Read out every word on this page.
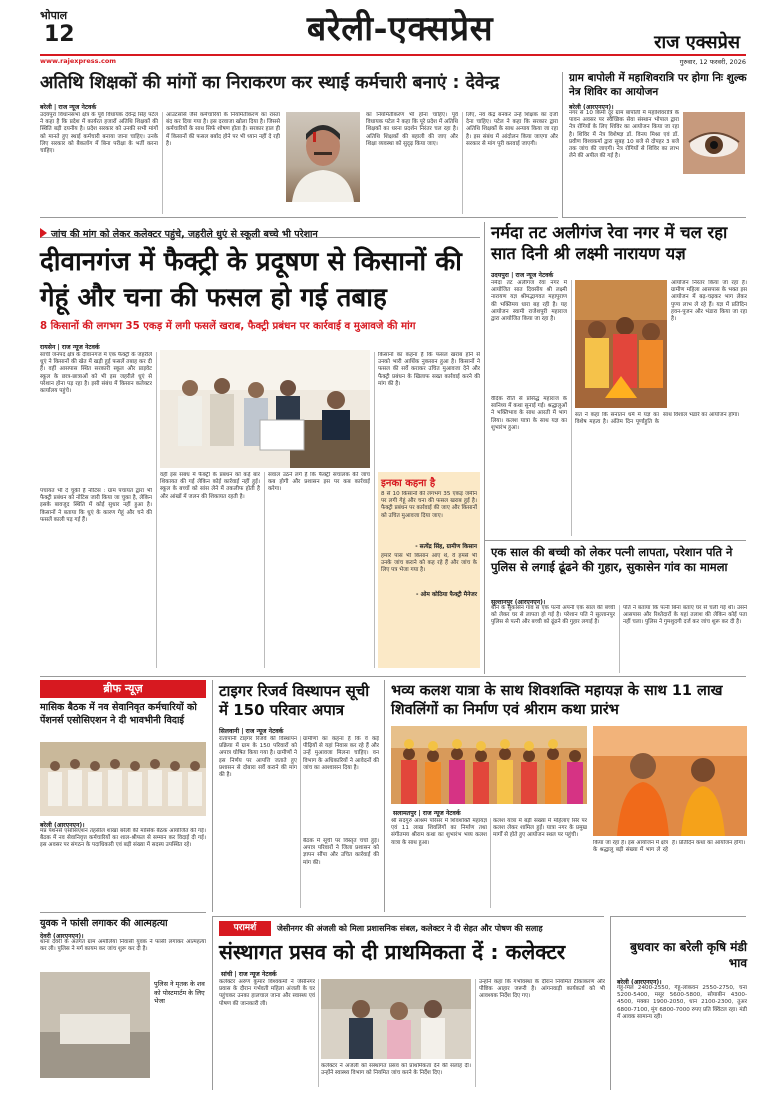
भोपाल
12	बरेली-एक्सप्रेस	राज एक्सप्रेस
www.rajexpress.com	गुरुवार, 12 फरवरी, 2026
अतिथि शिक्षकों की मांगों का निराकरण कर स्थाई कर्मचारी बनाएं : देवेन्द्र
बरेली | राज न्यूज नेटवर्क
उदयपुरा विधानसभा क्षेत्र के पूर्व विधायक देवेन्द्र सिंह पटेल ने कहा है कि प्रदेश में कार्यरत हजारों अतिथि शिक्षकों की स्थिति बड़ी दयनीय है। प्रदेश सरकार को उनकी सभी मांगों को मानते हुए स्थाई कर्मचारी बनाया जाना चाहिए। उनके लिए सरकार को बैकलॉग में बिना परीक्षा के भर्ती करना चाहिए।
आउटसोर्स जैसे कर्मचारियों के नियमितीकरण का रास्ता बंद कर दिया गया है। इस दरवाजा खोला दिया है। जिससे कर्मचारियों के साथ सिर्फ शोषण होता है। सरकार हाल ही में किसानों की फसल बर्बाद होने पर भी ध्यान नहीं दे रही है।
का नियमितीकरण भी होना चाहिए। पूर्व विधायक पटेल ने कहा कि पूरे प्रदेश में अतिथि शिक्षकों का धरना प्रदर्शन निरंतर चल रहा है। अतिथि शिक्षकों की बहाली की जाए और शिक्षा व्यवस्था को सुदृढ़ किया जाए।
लिए, नव केंद्र बनकर उन्हें शिक्षक का दर्जा देना चाहिए। पटेल ने कहा कि सरकार द्वारा अतिथि शिक्षकों के साथ अन्याय किया जा रहा है। इस संबंध में आंदोलन किया जाएगा और सरकार से मांग पूरी करवाई जाएगी।
ग्राम बापोली में महाशिवरात्रि पर होगा निः शुल्क नेत्र शिविर का आयोजन
बरेली (आरएनएन)।
नगर से 10 किमी दूर ग्राम बापोली में महाशिवरात्रि के पावन अवसर पर स्वैच्छिक सेवा संस्थान भोपाल द्वारा नेत्र रोगियों के लिए शिविर का आयोजन किया जा रहा है। शिविर में नेत्र विशेषज्ञ डॉ. विनय मिश्रा एवं डॉ. प्रवीण विश्वकर्मा द्वारा सुबह 10 बजे से दोपहर 3 बजे तक जांच की जाएगी। नेत्र रोगियों से शिविर का लाभ लेने की अपील की गई है।
जांच की मांग को लेकर कलेक्टर पहुंचे, जहरीले धुएं से स्कूली बच्चे भी परेशान
दीवानगंज में फैक्ट्री के प्रदूषण से किसानों की गेहूं और चना की फसल हो गई तबाह
8 किसानों की लगभग 35 एकड़ में लगी फसलें खराब, फैक्ट्री प्रबंधन पर कार्रवाई व मुआवजे की मांग
रायसेन | राज न्यूज नेटवर्क
सांची जनपद क्षेत्र के दीवानगंज में एक फैक्ट्री के जहरीले धुएं ने किसानों की खेत में खड़ी हुई फसलें तबाह कर दी हैं। वहीं आसपास स्थित सरकारी स्कूल और प्राइवेट स्कूल के छात्र-छात्राओं को भी इस जहरीले धुएं से परेशान होना पड़ रहा है। इसी संबंध में किसान कलेक्टर कार्यालय पहुंचे।
पंचायत भी दे चुकी है नोटिस : ग्राम पंचायत द्वारा भी फैक्ट्री प्रबंधन को नोटिस जारी किया जा चुका है, लेकिन इसके बावजूद स्थिति में कोई सुधार नहीं हुआ है। किसानों ने बताया कि धुएं के कारण गेहूं और चने की फसलें काली पड़ गई हैं।
वहीं इस संबंध में फैक्ट्री के प्रबंधन को कई बार शिकायत की गई लेकिन कोई कार्रवाई नहीं हुई। स्कूल के बच्चों को सांस लेने में तकलीफ होती है और आंखों में जलन की शिकायत रहती है।
सवाल उठने लगे हैं कि फैक्ट्री संचालक की जांच कब होगी और प्रशासन इस पर कब कार्रवाई करेगा।
किसानों का कहना है कि फसल खराब होने से उनको भारी आर्थिक नुकसान हुआ है। किसानों ने फसल की सर्वे कराकर उचित मुआवजा देने और फैक्ट्री प्रबंधन के खिलाफ सख्त कार्रवाई करने की मांग की है।
इनका कहना है
8 से 10 किसानों की लगभग 35 एकड़ जमीन पर लगी गेहूं और चना की फसल खराब हुई है। फैक्ट्री प्रबंधन पर कार्रवाई की जाए और किसानों को उचित मुआवजा दिया जाए।
- सत्येंद्र सिंह, ग्रामीण किसान
हमारे पास भी किसान आए थे, वे हमसे भी उनके जांच कराने को कह रहे हैं और जांच के लिए पत्र भेजा गया है।
- ओम कोठिया फैक्ट्री मैनेजर
नर्मदा तट अलीगंज रेवा नगर में चल रहा सात दिनी श्री लक्ष्मी नारायण यज्ञ
उदयपुरा | राज न्यूज नेटवर्क
नर्मदा तट अलीगंज रेवा नगर में आयोजित सात दिवसीय श्री लक्ष्मी नारायण यज्ञ श्रीमद्भागवत महापुराण की भक्तिमय धारा बह रही है। यह आयोजन स्वामी राजेशपुरी महाराज द्वारा आयोजित किया जा रहा है।
वैदिक रीति से प्रसिद्ध महाराज के सानिध्य में कथा सुनाई गई। श्रद्धालुओं ने भक्तिभाव के साथ आरती में भाग लिया। कलश यात्रा के साथ यज्ञ का शुभारंभ हुआ।
आयोजन निरंतर किया जा रहा है। ग्रामीण महिला आसपास के भक्त इस आयोजन में बढ़-चढ़कर भाग लेकर पुण्य लाभ ले रहे हैं। यज्ञ में प्रतिदिन हवन-पूजन और भंडारा किया जा रहा है।
संत ने कहा कि सनातन धर्म में यज्ञ का विशेष महत्व है। अंतिम दिन पूर्णाहुति के साथ विशाल भंडारे का आयोजन होगा।
एक साल की बच्ची को लेकर पत्नी लापता, परेशान पति ने पुलिस से लगाई ढूंढने की गुहार, सुकासेन गांव का मामला
सुल्तानपुर (आरएनएन)।
थाने के सुकासेन गांव से एक पत्नी अपनी एक साल की बच्ची को लेकर घर से लापता हो गई है। परेशान पति ने सुल्तानपुर पुलिस से पत्नी और बच्ची को ढूंढने की गुहार लगाई है।
पति ने बताया कि पत्नी बिना बताए घर से चली गई थी। उसने आसपास और रिश्तेदारों के यहां तलाश की लेकिन कोई पता नहीं चला। पुलिस ने गुमशुदगी दर्ज कर जांच शुरू कर दी है।
ब्रीफ न्यूज़
मासिक बैठक में नव सेवानिवृत कर्मचारियों को पेंशनर्स एसोसिएशन ने दी भावभीनी विदाई
बरेली (आरएनएन)।
मप्र पेंशनर्स एसोसिएशन तहसील शाखा बरेली की मासिक बैठक आयोजित की गई। बैठक में नव सेवानिवृत्त कर्मचारियों का शाल-श्रीफल से सम्मान कर विदाई दी गई। इस अवसर पर संगठन के पदाधिकारी एवं बड़ी संख्या में सदस्य उपस्थित रहे।
युवक ने फांसी लगाकर की आत्महत्या
देवरी (आरएनएन)।
थाना देवरी के अंतर्गत ग्राम अमोलिया निवासी युवक ने फांसी लगाकर आत्महत्या कर ली। पुलिस ने मर्ग कायम कर जांच शुरू कर दी है।
पुलिस ने मृतक के शव को पोस्टमार्टम के लिए भेजा
टाइगर रिजर्व विस्थापन सूची में 150 परिवार अपात्र
सिलवानी | राज न्यूज नेटवर्क
रातापानी टाइगर रिजर्व की विस्थापन प्रक्रिया में ग्राम के 150 परिवारों को अपात्र घोषित किया गया है। ग्रामीणों ने इस निर्णय पर आपत्ति जताते हुए प्रशासन से दोबारा सर्वे कराने की मांग की है।
ग्रामीणों का कहना है कि वे कई पीढ़ियों से यहां निवास कर रहे हैं और उन्हें मुआवजा मिलना चाहिए। वन विभाग के अधिकारियों ने आवेदनों की जांच का आश्वासन दिया है।
बैठक में सूची पर विस्तृत चर्चा हुई। अपात्र परिवारों ने जिला प्रशासन को ज्ञापन सौंपा और उचित कार्रवाई की मांग की।
भव्य कलश यात्रा के साथ शिवशक्ति महायज्ञ के साथ 11 लाख शिवलिंगों का निर्माण एवं श्रीराम कथा प्रारंभ
सलामतपुर | राज न्यूज नेटवर्क
श्री सदगुरु आश्रम परिसर में शिवशक्ति महायज्ञ एवं 11 लाख शिवलिंगों का निर्माण तथा संगीतमय श्रीराम कथा का शुभारंभ भव्य कलश यात्रा के साथ हुआ।
कलश यात्रा में बड़ी संख्या में महिलाएं सिर पर कलश लेकर शामिल हुईं। यात्रा नगर के प्रमुख मार्गों से होते हुए आयोजन स्थल पर पहुंची।
किया जा रहा है। इस आयोजन में क्षेत्र के श्रद्धालु बड़ी संख्या में भाग ले रहे हैं। प्रतिदिन कथा का आयोजन होगा।
परामर्श	जेसीनगर की अंजली को मिला प्रशासनिक संबल, कलेक्टर ने दी सेहत और पोषण की सलाह
संस्थागत प्रसव को दी प्राथमिकता दें : कलेक्टर
सांची | राज न्यूज नेटवर्क
कलेक्टर अरुण कुमार विश्वकर्मा ने जेसीनगर प्रवास के दौरान गर्भवती महिला अंजली के घर पहुंचकर उनका हालचाल जाना और स्वास्थ्य एवं पोषण की जानकारी ली।
कलेक्टर ने अंजली को संस्थागत प्रसव को प्राथमिकता देने की सलाह दी। उन्होंने स्वास्थ्य विभाग को नियमित जांच करने के निर्देश दिए।
उन्होंने कहा कि गर्भावस्था के दौरान नियमित टीकाकरण और पौष्टिक आहार जरूरी है। आंगनवाड़ी कार्यकर्ता को भी आवश्यक निर्देश दिए गए।
बुधवार का बरेली कृषि मंडी भाव
बरेली (आरएनएन)।
गेहूं-मिल 2400-2550, गेहूं-लोकवन 2550-2750, चना 5200-5400, मसूर 5600-5800, सोयाबीन 4300-4500, मक्का 1900-2050, धान 2100-2300, तुअर 6800-7100, मूंग 6800-7000 रुपए प्रति क्विंटल रहा। मंडी में आवक सामान्य रही।
